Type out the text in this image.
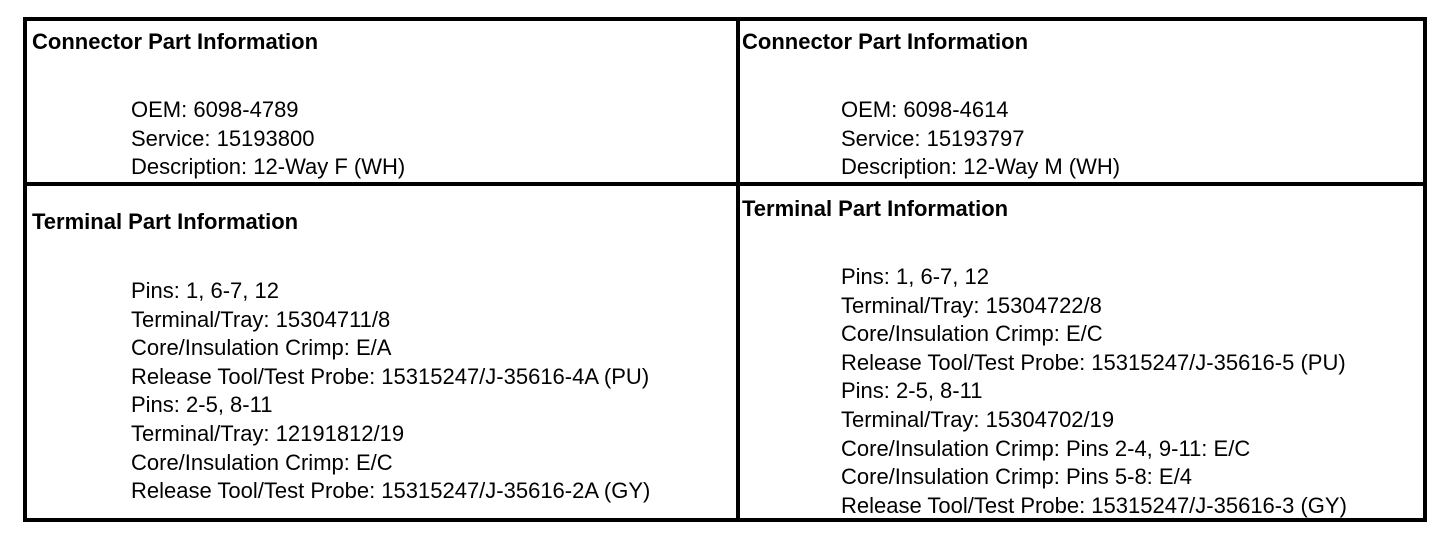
Connector Part Information
OEM: 6098-4789
Service: 15193800
Description: 12-Way F (WH)
Connector Part Information
OEM: 6098-4614
Service: 15193797
Description: 12-Way M (WH)
Terminal Part Information
Pins: 1, 6-7, 12
Terminal/Tray: 15304711/8
Core/Insulation Crimp: E/A
Release Tool/Test Probe: 15315247/J-35616-4A (PU)
Pins: 2-5, 8-11
Terminal/Tray: 12191812/19
Core/Insulation Crimp: E/C
Release Tool/Test Probe: 15315247/J-35616-2A (GY)
Terminal Part Information
Pins: 1, 6-7, 12
Terminal/Tray: 15304722/8
Core/Insulation Crimp: E/C
Release Tool/Test Probe: 15315247/J-35616-5 (PU)
Pins: 2-5, 8-11
Terminal/Tray: 15304702/19
Core/Insulation Crimp: Pins 2-4, 9-11: E/C
Core/Insulation Crimp: Pins 5-8: E/4
Release Tool/Test Probe: 15315247/J-35616-3 (GY)
